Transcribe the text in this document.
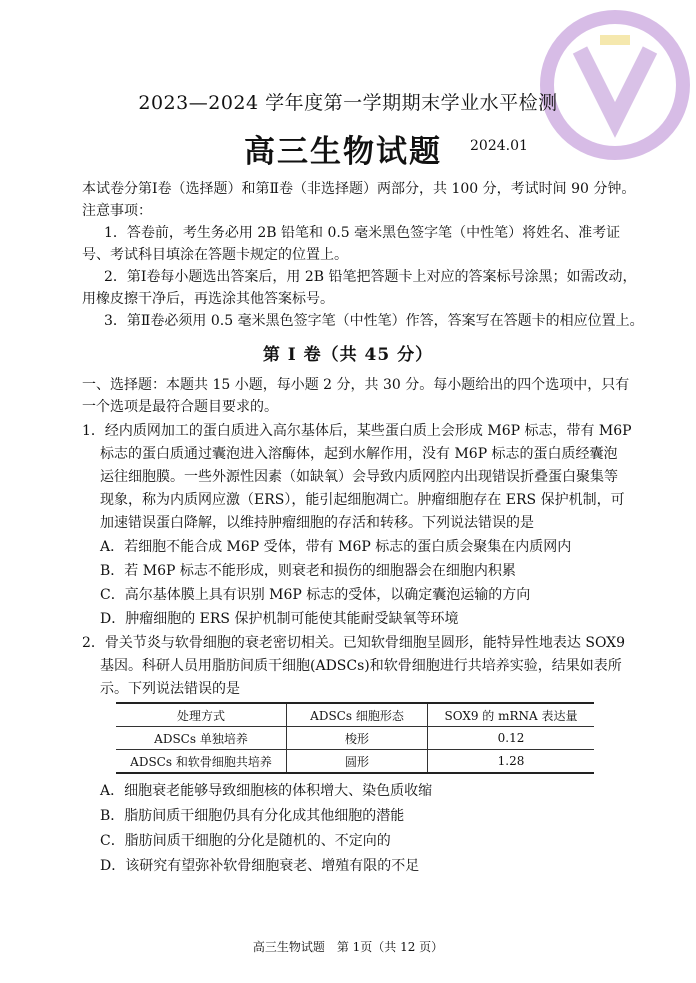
2023—2024 学年度第一学期期末学业水平检测
高三生物试题 2024.01
本试卷分第Ⅰ卷（选择题）和第Ⅱ卷（非选择题）两部分，共 100 分，考试时间 90 分钟。
注意事项：
1．答卷前，考生务必用 2B 铅笔和 0.5 毫米黑色签字笔（中性笔）将姓名、准考证
号、考试科目填涂在答题卡规定的位置上。
2．第Ⅰ卷每小题选出答案后，用 2B 铅笔把答题卡上对应的答案标号涂黑；如需改动，
用橡皮擦干净后，再选涂其他答案标号。
3．第Ⅱ卷必须用 0.5 毫米黑色签字笔（中性笔）作答，答案写在答题卡的相应位置上。
第 Ⅰ 卷（共 45 分）
一、选择题：本题共 15 小题，每小题 2 分，共 30 分。每小题给出的四个选项中，只有
一个选项是最符合题目要求的。
1．经内质网加工的蛋白质进入高尔基体后，某些蛋白质上会形成 M6P 标志，带有 M6P
标志的蛋白质通过囊泡进入溶酶体，起到水解作用，没有 M6P 标志的蛋白质经囊泡
运往细胞膜。一些外源性因素（如缺氧）会导致内质网腔内出现错误折叠蛋白聚集等
现象，称为内质网应激（ERS），能引起细胞凋亡。肿瘤细胞存在 ERS 保护机制，可
加速错误蛋白降解，以维持肿瘤细胞的存活和转移。下列说法错误的是
A．若细胞不能合成 M6P 受体，带有 M6P 标志的蛋白质会聚集在内质网内
B．若 M6P 标志不能形成，则衰老和损伤的细胞器会在细胞内积累
C．高尔基体膜上具有识别 M6P 标志的受体，以确定囊泡运输的方向
D．肿瘤细胞的 ERS 保护机制可能使其能耐受缺氧等环境
2．骨关节炎与软骨细胞的衰老密切相关。已知软骨细胞呈圆形，能特异性地表达 SOX9
基因。科研人员用脂肪间质干细胞(ADSCs)和软骨细胞进行共培养实验，结果如表所
示。下列说法错误的是
处理方式	ADSCs 细胞形态	SOX9 的 mRNA 表达量
ADSCs 单独培养	梭形	0.12
ADSCs 和软骨细胞共培养	圆形	1.28
A．细胞衰老能够导致细胞核的体积增大、染色质收缩
B．脂肪间质干细胞仍具有分化成其他细胞的潜能
C．脂肪间质干细胞的分化是随机的、不定向的
D．该研究有望弥补软骨细胞衰老、增殖有限的不足
高三生物试题　第 1页（共 12 页）
